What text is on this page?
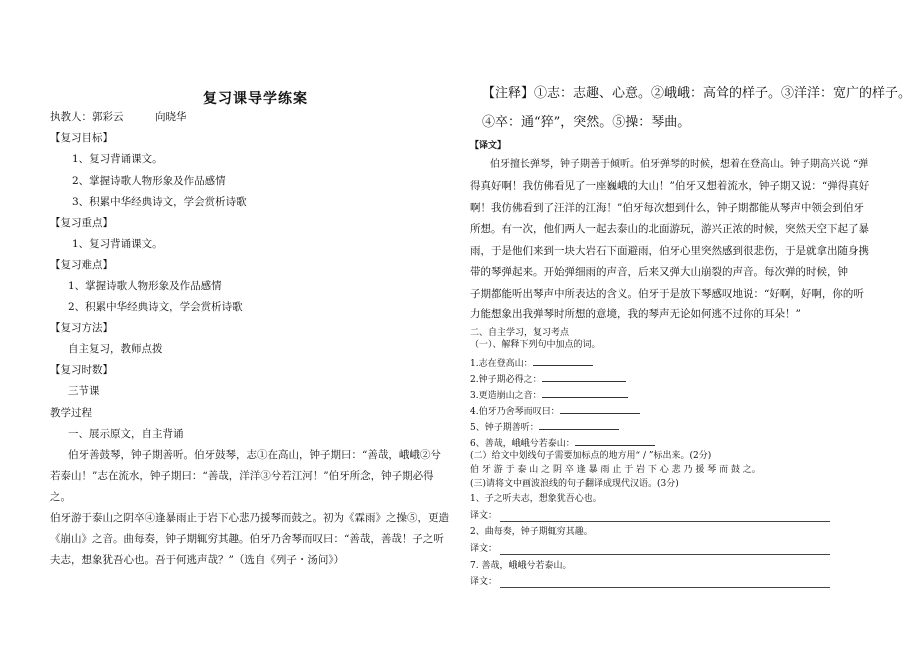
复习课导学练案
执教人：郭彩云　　　向晓华
【复习目标】
1、复习背诵课文。
2、掌握诗歌人物形象及作品感情
3、积累中华经典诗文，学会赏析诗歌
【复习重点】
1、复习背诵课文。
【复习难点】
1、掌握诗歌人物形象及作品感情
2、积累中华经典诗文，学会赏析诗歌
【复习方法】
自主复习，教师点拨
【复习时数】
三节课
教学过程
一、展示原文，自主背诵
伯牙善鼓琴，钟子期善听。伯牙鼓琴，志①在高山，钟子期曰：“善哉，峨峨②兮
若泰山！”志在流水，钟子期曰：“善哉，洋洋③兮若江河！”伯牙所念，钟子期必得
之。
伯牙游于泰山之阴卒④逢暴雨止于岩下心悲乃援琴而鼓之。初为《霖雨》之操⑤，更造
《崩山》之音。曲每奏，钟子期辄穷其趣。伯牙乃舍琴而叹曰：“善哉，善哉！子之听
夫志，想象犹吾心也。吾于何逃声哉？”（选自《列子・汤问》）
【注释】①志：志趣、心意。②峨峨：高耸的样子。③洋洋：宽广的样子。
④卒：通“猝”，突然。⑤操：琴曲。
【译文】
伯牙擅长弹琴，钟子期善于倾听。伯牙弹琴的时候，想着在登高山。钟子期高兴说 “弹
得真好啊！我仿佛看见了一座巍峨的大山！”伯牙又想着流水，钟子期又说：“弹得真好
啊！我仿佛看到了汪洋的江海！”伯牙每次想到什么，钟子期都能从琴声中领会到伯牙
所想。有一次，他们两人一起去泰山的北面游玩，游兴正浓的时候，突然天空下起了暴
雨，于是他们来到一块大岩石下面避雨，伯牙心里突然感到很悲伤，于是就拿出随身携
带的琴弹起来。开始弹细雨的声音，后来又弹大山崩裂的声音。每次弹的时候，钟
子期都能听出琴声中所表达的含义。伯牙于是放下琴感叹地说：“好啊，好啊，你的听
力能想象出我弹琴时所想的意境，我的琴声无论如何逃不过你的耳朵！”
二、自主学习，复习考点
（一）、解释下列句中加点的词。
1.志在登高山：
2.钟子期必得之：
3.更造崩山之音：
4.伯牙乃舍琴而叹曰：
5、钟子期善听：
6、善哉，峨峨兮若泰山：
(二）给文中划线句子需要加标点的地方用“ / ”标出来。(2分)
伯 牙 游 于 泰 山 之 阴 卒 逢 暴 雨 止 于 岩 下 心 悲 乃 援 琴 而 鼓 之。
(三)请将文中画波浪线的句子翻译成现代汉语。(3分)
1、子之听夫志，想象犹吾心也。
译文：
2、曲每奏，钟子期辄穷其趣。
译文：
7. 善哉，峨峨兮若泰山。
译文：
